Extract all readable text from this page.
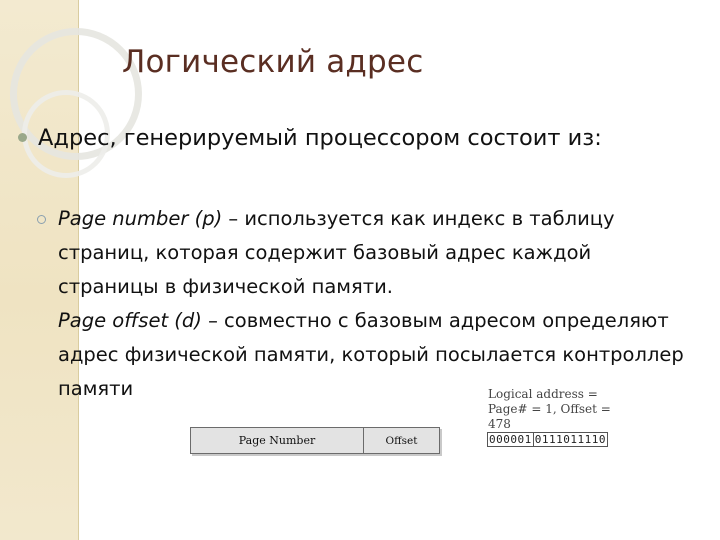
Логический адрес
Адрес, генерируемый процессором состоит из:
Page number (p) – используется как индекс в таблицу страниц, которая содержит базовый адрес каждой страницы в физической памяти.
Page offset (d) – совместно с базовым адресом определяют адрес физической памяти, который посылается контроллер памяти
Page Number	Offset
Logical address =
Page# = 1, Offset = 478
000001 0111011110
